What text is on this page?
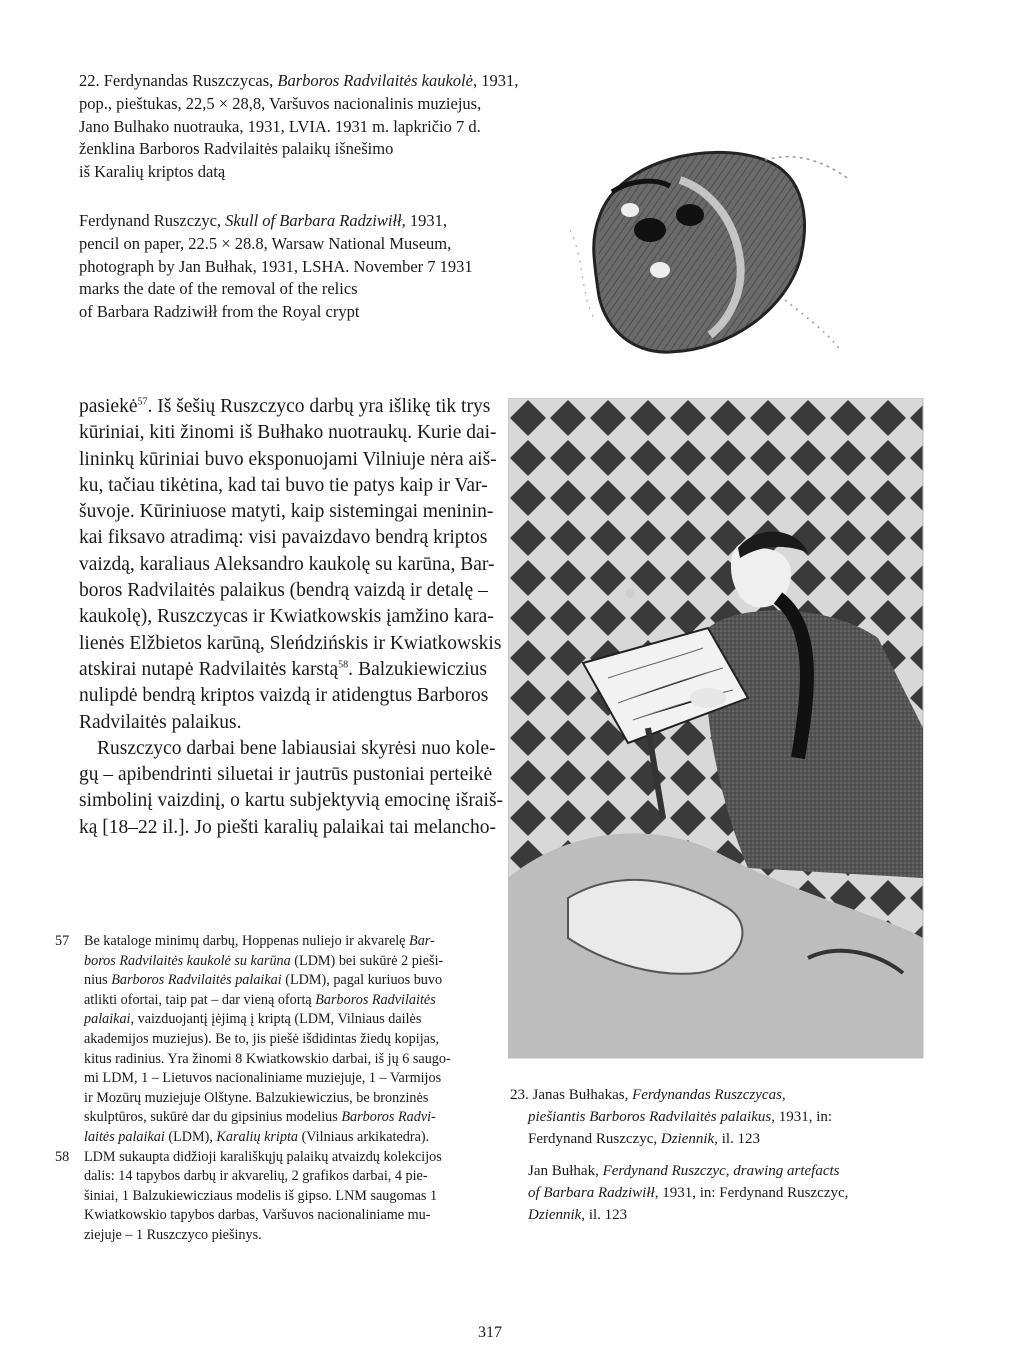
22. Ferdynandas Ruszczycas, Barboros Radvilaitės kaukolė, 1931,
pop., pieštukas, 22,5 × 28,8, Varšuvos nacionalinis muziejus,
Jano Bulhako nuotrauka, 1931, LVIA. 1931 m. lapkričio 7 d.
ženklina Barboros Radvilaitės palaikų išnešimo
iš Karalių kriptos datą
Ferdynand Ruszczyc, Skull of Barbara Radziwiłł, 1931,
pencil on paper, 22.5 × 28.8, Warsaw National Museum,
photograph by Jan Bułhak, 1931, LSHA. November 7 1931
marks the date of the removal of the relics
of Barbara Radziwiłł from the Royal crypt
pasiekė$^{57}$. Iš šešių Ruszczyco darbų yra išlikę tik trys
kūriniai, kiti žinomi iš Bułhako nuotraukų. Kurie dai-
lininkų kūriniai buvo eksponuojami Vilniuje nėra aiš-
ku, tačiau tikėtina, kad tai buvo tie patys kaip ir Var-
šuvoje. Kūriniuose matyti, kaip sistemingai meninin-
kai fiksavo atradimą: visi pavaizdavo bendrą kriptos
vaizdą, karaliaus Aleksandro kaukolę su karūna, Bar-
boros Radvilaitės palaikus (bendrą vaizdą ir detalę –
kaukolę), Ruszczycas ir Kwiatkowskis įamžino kara-
lienės Elžbietos karūną, Sleńdzińskis ir Kwiatkowskis
atskirai nutapė Radvilaitės karstą$^{58}$. Balzukiewiczius
nulipdė bendrą kriptos vaizdą ir atidengtus Barboros
Radvilaitės palaikus.
Ruszczyco darbai bene labiausiai skyrėsi nuo kole-
gų – apibendrinti siluetai ir jautrūs pustoniai perteikė
simbolinį vaizdinį, o kartu subjektyvią emocinę išraiš-
ką [18–22 il.]. Jo piešti karalių palaikai tai melancho-
57 Be kataloge minimų darbų, Hoppenas nuliejo ir akvarelę Bar-
boros Radvilaitės kaukolė su karūna (LDM) bei sukūrė 2 pieši-
nius Barboros Radvilaitės palaikai (LDM), pagal kuriuos buvo
atlikti ofortai, taip pat – dar vieną ofortą Barboros Radvilaitės
palaikai, vaizduojantį įėjimą į kriptą (LDM, Vilniaus dailės
akademijos muziejus). Be to, jis piešė išdidintas žiedų kopijas,
kitus radinius. Yra žinomi 8 Kwiatkowskio darbai, iš jų 6 saugo-
mi LDM, 1 – Lietuvos nacionaliniame muziejuje, 1 – Varmijos
ir Mozūrų muziejuje Olštyne. Balzukiewiczius, be bronzinės
skulptūros, sukūrė dar du gipsinius modelius Barboros Radvi-
laitės palaikai (LDM), Karalių kripta (Vilniaus arkikatedra).
58 LDM sukaupta didžioji karališkųjų palaikų atvaizdų kolekcijos
dalis: 14 tapybos darbų ir akvarelių, 2 grafikos darbai, 4 pie-
šiniai, 1 Balzukiewicziaus modelis iš gipso. LNM saugomas 1
Kwiatkowskio tapybos darbas, Varšuvos nacionaliniame mu-
ziejuje – 1 Ruszczyco piešinys.
23. Janas Bułhakas, Ferdynandas Ruszczycas,
piešiantis Barboros Radvilaitės palaikus, 1931, in:
Ferdynand Ruszczyc, Dziennik, il. 123
Jan Bułhak, Ferdynand Ruszczyc, drawing artefacts
of Barbara Radziwiłł, 1931, in: Ferdynand Ruszczyc,
Dziennik, il. 123
317
